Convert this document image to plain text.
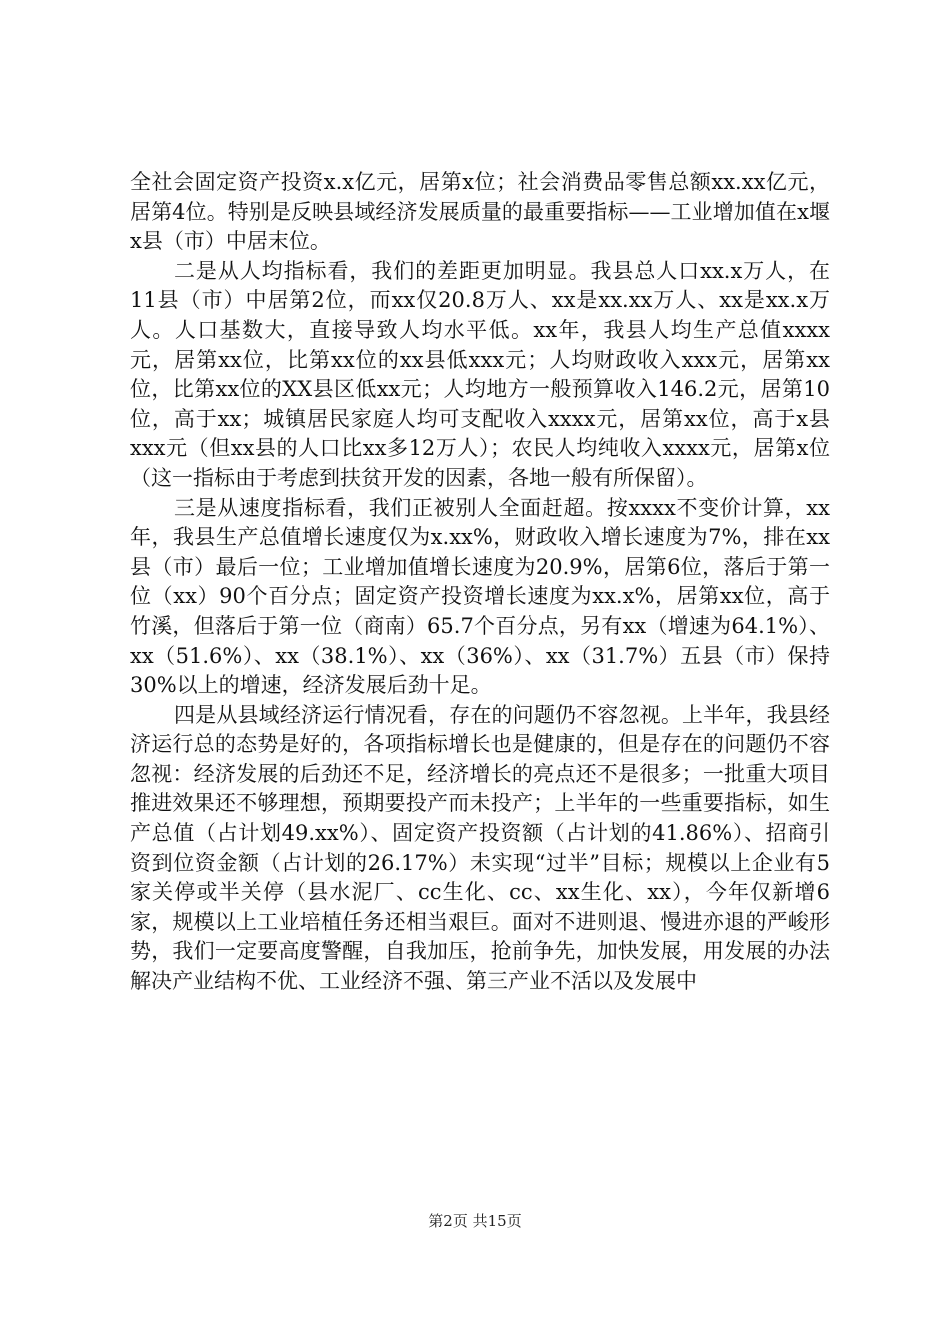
全社会固定资产投资x.x亿元，居第x位；社会消费品零售总额xx.xx亿元，居第4位。特别是反映县域经济发展质量的最重要指标——工业增加值在x堰x县（市）中居末位。

二是从人均指标看，我们的差距更加明显。我县总人口xx.x万人，在11县（市）中居第2位，而xx仅20.8万人、xx是xx.xx万人、xx是xx.x万人。人口基数大，直接导致人均水平低。xx年，我县人均生产总值xxxx元，居第xx位，比第xx位的xx县低xxx元；人均财政收入xxx元，居第xx位，比第xx位的XX县区低xx元；人均地方一般预算收入146.2元，居第10位，高于xx；城镇居民家庭人均可支配收入xxxx元，居第xx位，高于x县xxx元（但xx县的人口比xx多12万人）；农民人均纯收入xxxx元，居第x位（这一指标由于考虑到扶贫开发的因素，各地一般有所保留）。

三是从速度指标看，我们正被别人全面赶超。按xxxx不变价计算，xx年，我县生产总值增长速度仅为x.xx%，财政收入增长速度为7%，排在xx县（市）最后一位；工业增加值增长速度为20.9%，居第6位，落后于第一位（xx）90个百分点；固定资产投资增长速度为xx.x%，居第xx位，高于竹溪，但落后于第一位（商南）65.7个百分点，另有xx（增速为64.1%）、xx（51.6%）、xx（38.1%）、xx（36%）、xx（31.7%）五县（市）保持30%以上的增速，经济发展后劲十足。

四是从县域经济运行情况看，存在的问题仍不容忽视。上半年，我县经济运行总的态势是好的，各项指标增长也是健康的，但是存在的问题仍不容忽视：经济发展的后劲还不足，经济增长的亮点还不是很多；一批重大项目推进效果还不够理想，预期要投产而未投产；上半年的一些重要指标，如生产总值（占计划49.xx%）、固定资产投资额（占计划的41.86%）、招商引资到位资金额（占计划的26.17%）未实现“过半”目标；规模以上企业有5家关停或半关停（县水泥厂、cc生化、cc、xx生化、xx），今年仅新增6家，规模以上工业培植任务还相当艰巨。面对不进则退、慢进亦退的严峻形势，我们一定要高度警醒，自我加压，抢前争先，加快发展，用发展的办法解决产业结构不优、工业经济不强、第三产业不活以及发展中

第2页 共15页
